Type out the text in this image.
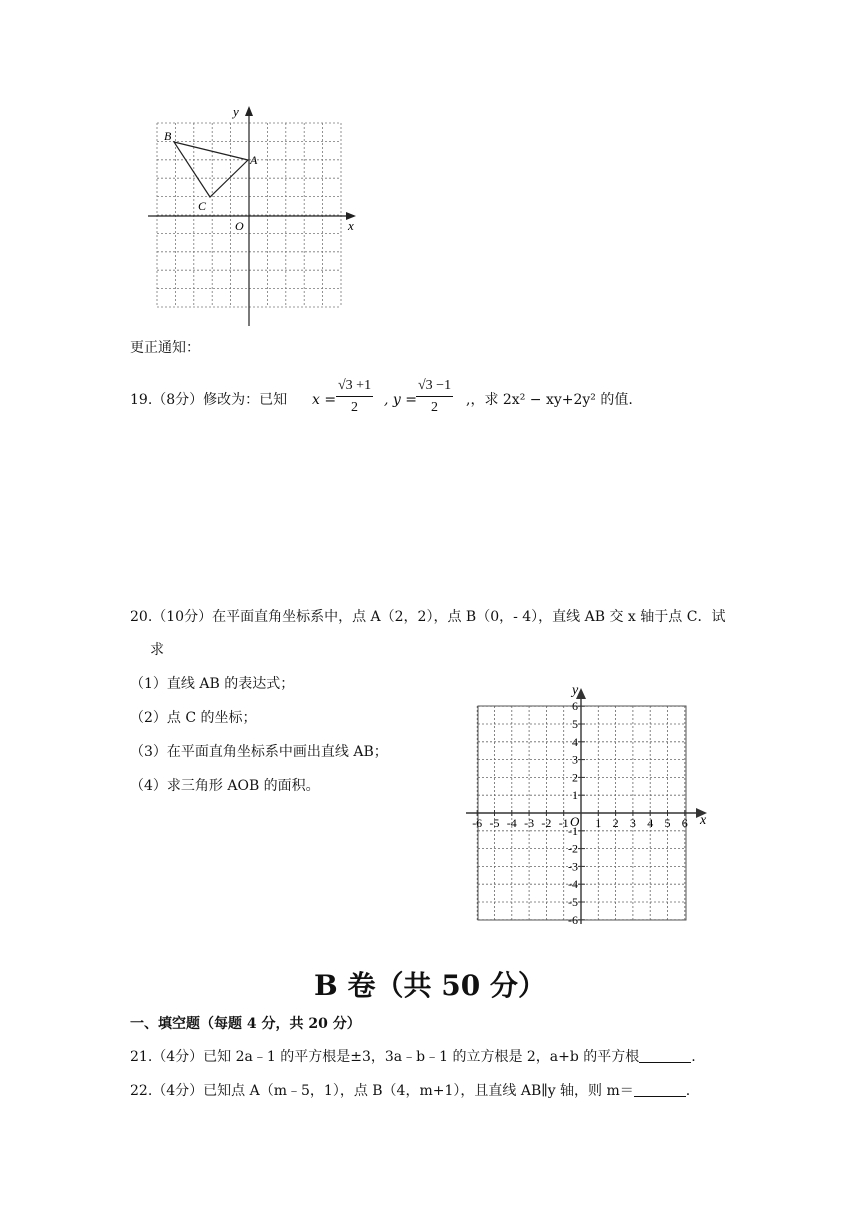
y
x
O
A
B
C
更正通知：
19.（8分）修改为：已知 $x = \frac{√3 +1}{2}$ , $y = \frac{√3 -1}{2}$ ,，求 2x² − xy+2y² 的值.
20.（10分）在平面直角坐标系中，点 A（2，2），点 B（0，- 4），直线 AB 交 x 轴于点 C．试
求
（1）直线 AB 的表达式；
（2）点 C 的坐标；
（3）在平面直角坐标系中画出直线 AB；
（4）求三角形 AOB 的面积。
-6 -5 -4 -3 -2 -1 1 2 3 4 5 6
6
5
4
3
2
1
-1
-2
-3
-4
-5
-6
y
x
O
B 卷（共 50 分）
一、填空题（每题 4 分，共 20 分）
21.（4分）已知 2a﹣1 的平方根是±3，3a﹣b﹣1 的立方根是 2，a+b 的平方根	.
22.（4分）已知点 A（m﹣5，1），点 B（4，m+1），且直线 AB∥y 轴，则 m＝	.
